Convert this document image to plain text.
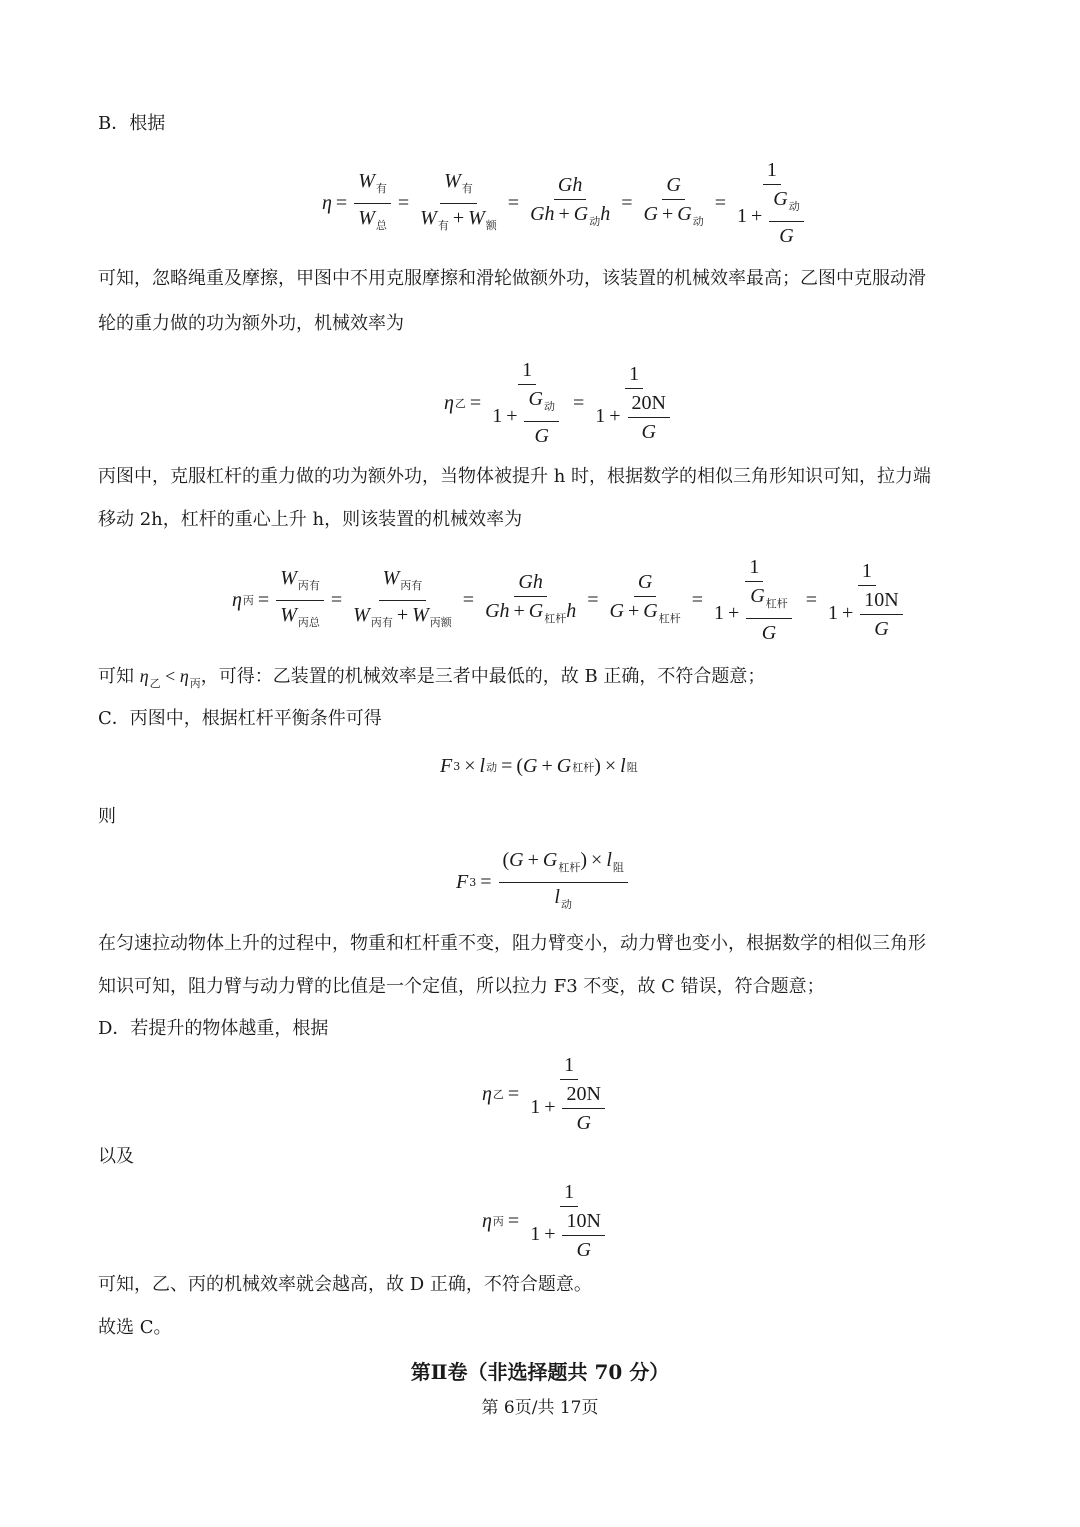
B．根据
$\eta = \frac{W_有}{W_总} = \frac{W_有}{W_有 + W_额} = \frac{Gh}{Gh + G_动h} = \frac{G}{G + G_动} = \frac{1}{1 + \frac{G_动}{G}}$
可知，忽略绳重及摩擦，甲图中不用克服摩擦和滑轮做额外功，该装置的机械效率最高；乙图中克服动滑
轮的重力做的功为额外功，机械效率为
η 乙 = $\frac{1}{1 + \frac{G_动}{G}} = \frac{1}{1 + \frac{20N}{G}}$
丙图中，克服杠杆的重力做的功为额外功，当物体被提升 h 时，根据数学的相似三角形知识可知，拉力端
移动 2h，杠杆的重心上升 h，则该装置的机械效率为
η 丙 = $\frac{W_{丙有}}{W_{丙总}} = \frac{W_{丙有}}{W_{丙有} + W_{丙额}} = \frac{Gh}{Gh + G_{杠杆}h} = \frac{G}{G + G_{杠杆}} = \frac{1}{1 + \frac{G_{杠杆}}{G}} = \frac{1}{1 + \frac{10N}{G}}$
可知 $\eta_乙 < \eta_丙$，可得：乙装置的机械效率是三者中最低的，故 B 正确，不符合题意；
C．丙图中，根据杠杆平衡条件可得
F 3 × l 动 = ( G + G 杠杆 ) × l 阻
则
F $3 = \frac{(G + G_{杠杆}) \times l_阻}{l_动}$
在匀速拉动物体上升的过程中，物重和杠杆重不变，阻力臂变小，动力臂也变小，根据数学的相似三角形
知识可知，阻力臂与动力臂的比值是一个定值，所以拉力 F3 不变，故 C 错误，符合题意；
D．若提升的物体越重，根据
η 乙 = $\frac{1}{1 + \frac{20N}{G}}$
以及
η 丙 = $\frac{1}{1 + \frac{10N}{G}}$
可知，乙、丙的机械效率就会越高，故 D 正确，不符合题意。
故选 C。
第Ⅱ卷（非选择题共 70 分）
第 6页/共 17页
